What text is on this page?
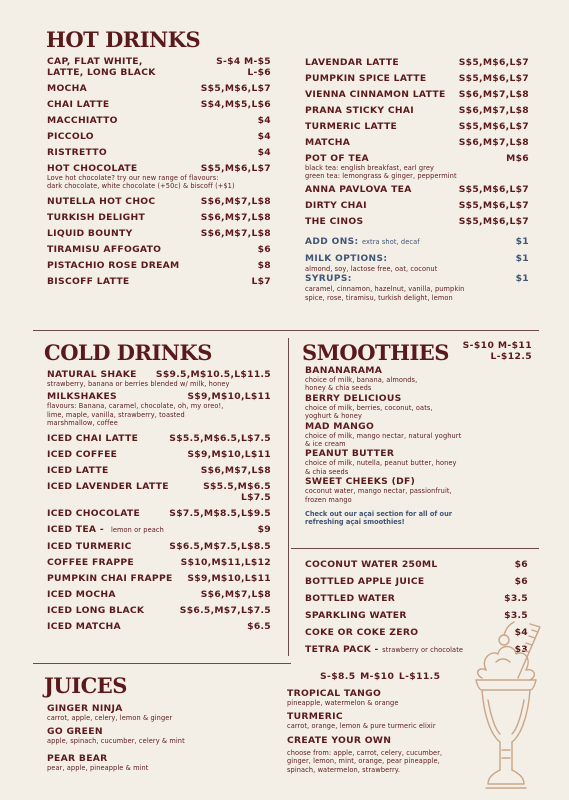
HOT DRINKS
CAP, FLAT WHITE,	S-$4 M-$5
LATTE, LONG BLACK	L-$6
MOCHA	S$5,M$6,L$7
CHAI LATTE	S$4,M$5,L$6
MACCHIATTO	$4
PICCOLO	$4
RISTRETTO	$4
HOT CHOCOLATE	S$5,M$6,L$7
Love hot chocolate? try our new range of flavours:
dark chocolate, white chocolate (+50c) & biscoff (+$1)
NUTELLA HOT CHOC	S$6,M$7,L$8
TURKISH DELIGHT	S$6,M$7,L$8
LIQUID BOUNTY	S$6,M$7,L$8
TIRAMISU AFFOGATO	$6
PISTACHIO ROSE DREAM	$8
BISCOFF LATTE	L$7
LAVENDAR LATTE	S$5,M$6,L$7
PUMPKIN SPICE LATTE	S$5,M$6,L$7
VIENNA CINNAMON LATTE S$6,M$7,L$8
PRANA STICKY CHAI	S$6,M$7,L$8
TURMERIC LATTE	S$5,M$6,L$7
MATCHA	S$6,M$7,L$8
POT OF TEA	M$6
black tea: english breakfast, earl grey
green tea: lemongrass & ginger, peppermint
ANNA PAVLOVA TEA	S$5,M$6,L$7
DIRTY CHAI	S$5,M$6,L$7
THE CINOS	S$5,M$6,L$7
ADD ONS: extra shot, decaf	$1
MILK OPTIONS:	$1
almond, soy, lactose free, oat, coconut
SYRUPS:	$1
caramel, cinnamon, hazelnut, vanilla, pumpkin
spice, rose, tiramisu, turkish delight, lemon
COLD DRINKS
NATURAL SHAKE S$9.5,M$10.5,L$11.5
strawberry, banana or berries blended w/ milk, honey
MILKSHAKES	S$9,M$10,L$11
flavours: Banana, caramel, chocolate, oh, my oreo!,
lime, maple, vanilla, strawberry, toasted
marshmallow, coffee
ICED CHAI LATTE	S$5.5,M$6.5,L$7.5
ICED COFFEE	S$9,M$10,L$11
ICED LATTE	S$6,M$7,L$8
ICED LAVENDER LATTE	S$5.5,M$6.5
L$7.5
ICED CHOCOLATE	S$7.5,M$8.5,L$9.5
ICED TEA - lemon or peach	$9
ICED TURMERIC	S$6.5,M$7.5,L$8.5
COFFEE FRAPPE	S$10,M$11,L$12
PUMPKIN CHAI FRAPPE S$9,M$10,L$11
ICED MOCHA	S$6,M$7,L$8
ICED LONG BLACK	S$6.5,M$7,L$7.5
ICED MATCHA	$6.5
SMOOTHIES	S-$10 M-$11
L-$12.5
BANANARAMA
choice of milk, banana, almonds,
honey & chia seeds
BERRY DELICIOUS
choice of milk, berries, coconut, oats,
yoghurt & honey
MAD MANGO
choice of milk, mango nectar, natural yoghurt
& ice cream
PEANUT BUTTER
choice of milk, nutella, peanut butter, honey
& chia seeds
SWEET CHEEKS (DF)
coconut water, mango nectar, passionfruit,
frozen mango
Check out our açai section for all of our
refreshing açai smoothies!
COCONUT WATER 250ML	$6
BOTTLED APPLE JUICE	$6
BOTTLED WATER	$3.5
SPARKLING WATER	$3.5
COKE OR COKE ZERO	$4
TETRA PACK - strawberry or chocolate	$3
JUICES	S-$8.5 M-$10 L-$11.5
GINGER NINJA
carrot, apple, celery, lemon & ginger
GO GREEN
apple, spinach, cucumber, celery & mint
PEAR BEAR
pear, apple, pineapple & mint
TROPICAL TANGO
pineapple, watermelon & orange
TURMERIC
carrot, orange, lemon & pure turmeric elixir
CREATE YOUR OWN
choose from: apple, carrot, celery, cucumber,
ginger, lemon, mint, orange, pear pineapple,
spinach, watermelon, strawberry.
